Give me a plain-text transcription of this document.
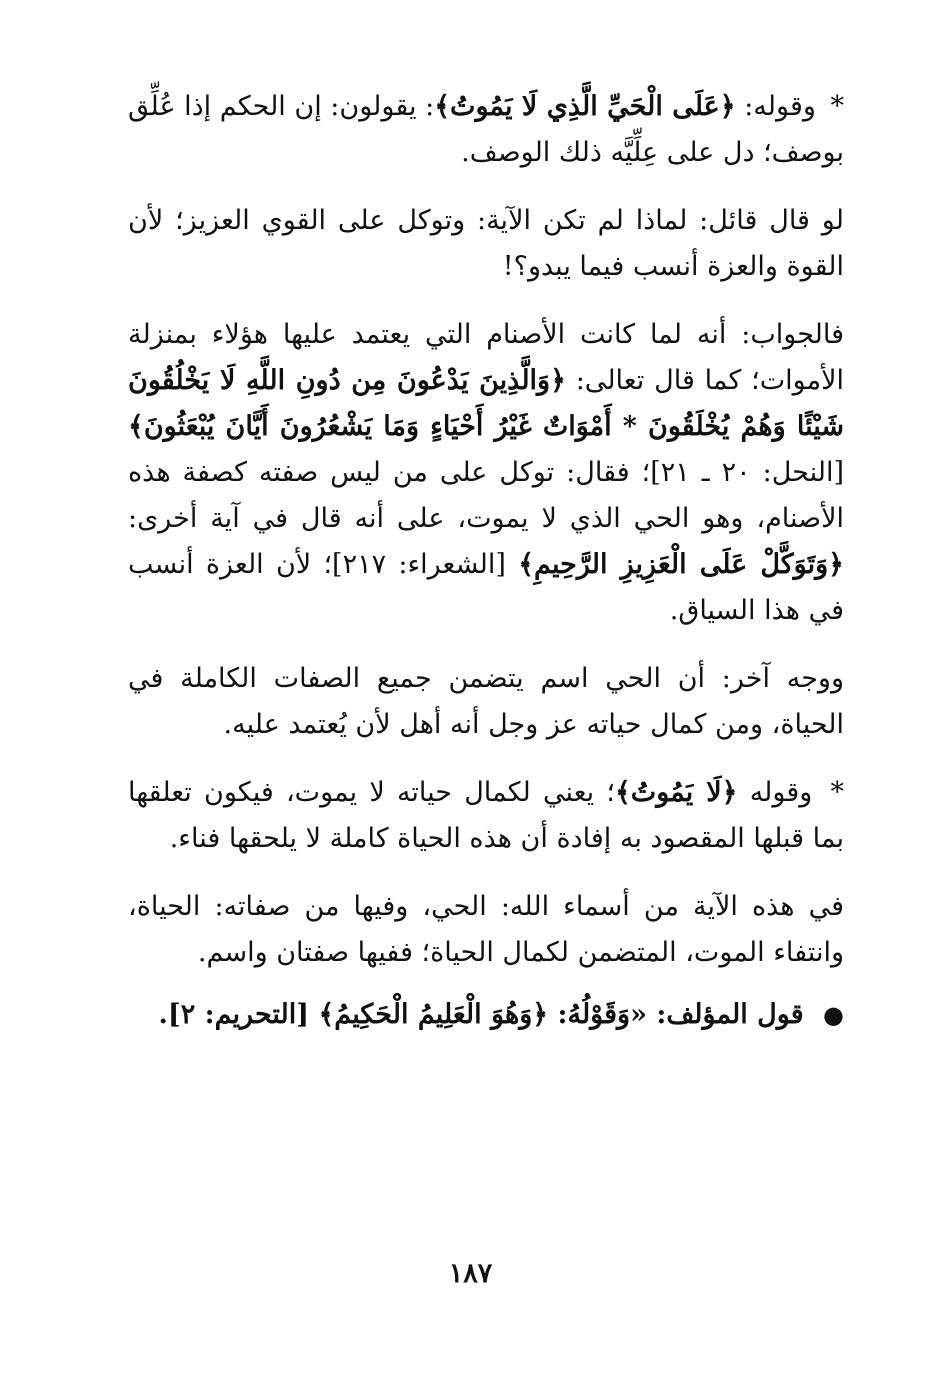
* وقوله: ﴿عَلَى الْحَيِّ الَّذِي لَا يَمُوتُ﴾: يقولون: إن الحكم إذا عُلِّق بوصف؛ دل على عِلِّيَّه ذلك الوصف.

لو قال قائل: لماذا لم تكن الآية: وتوكل على القوي العزيز؛ لأن القوة والعزة أنسب فيما يبدو؟!

فالجواب: أنه لما كانت الأصنام التي يعتمد عليها هؤلاء بمنزلة الأموات؛ كما قال تعالى: ﴿وَالَّذِينَ يَدْعُونَ مِن دُونِ اللَّهِ لَا يَخْلُقُونَ شَيْئًا وَهُمْ يُخْلَقُونَ * أَمْوَاتٌ غَيْرُ أَحْيَاءٍ وَمَا يَشْعُرُونَ أَيَّانَ يُبْعَثُونَ﴾ [النحل: ٢٠ ـ ٢١]؛ فقال: توكل على من ليس صفته كصفة هذه الأصنام، وهو الحي الذي لا يموت، على أنه قال في آية أخرى: ﴿وَتَوَكَّلْ عَلَى الْعَزِيزِ الرَّحِيمِ﴾ [الشعراء: ٢١٧]؛ لأن العزة أنسب في هذا السياق.

ووجه آخر: أن الحي اسم يتضمن جميع الصفات الكاملة في الحياة، ومن كمال حياته عز وجل أنه أهل لأن يُعتمد عليه.

* وقوله ﴿لَا يَمُوتُ﴾؛ يعني لكمال حياته لا يموت، فيكون تعلقها بما قبلها المقصود به إفادة أن هذه الحياة كاملة لا يلحقها فناء.

في هذه الآية من أسماء الله: الحي، وفيها من صفاته: الحياة، وانتفاء الموت، المتضمن لكمال الحياة؛ ففيها صفتان واسم.

● قول المؤلف: «وَقَوْلُهُ: ﴿وَهُوَ الْعَلِيمُ الْحَكِيمُ﴾ [التحريم: ٢].

١٨٧
